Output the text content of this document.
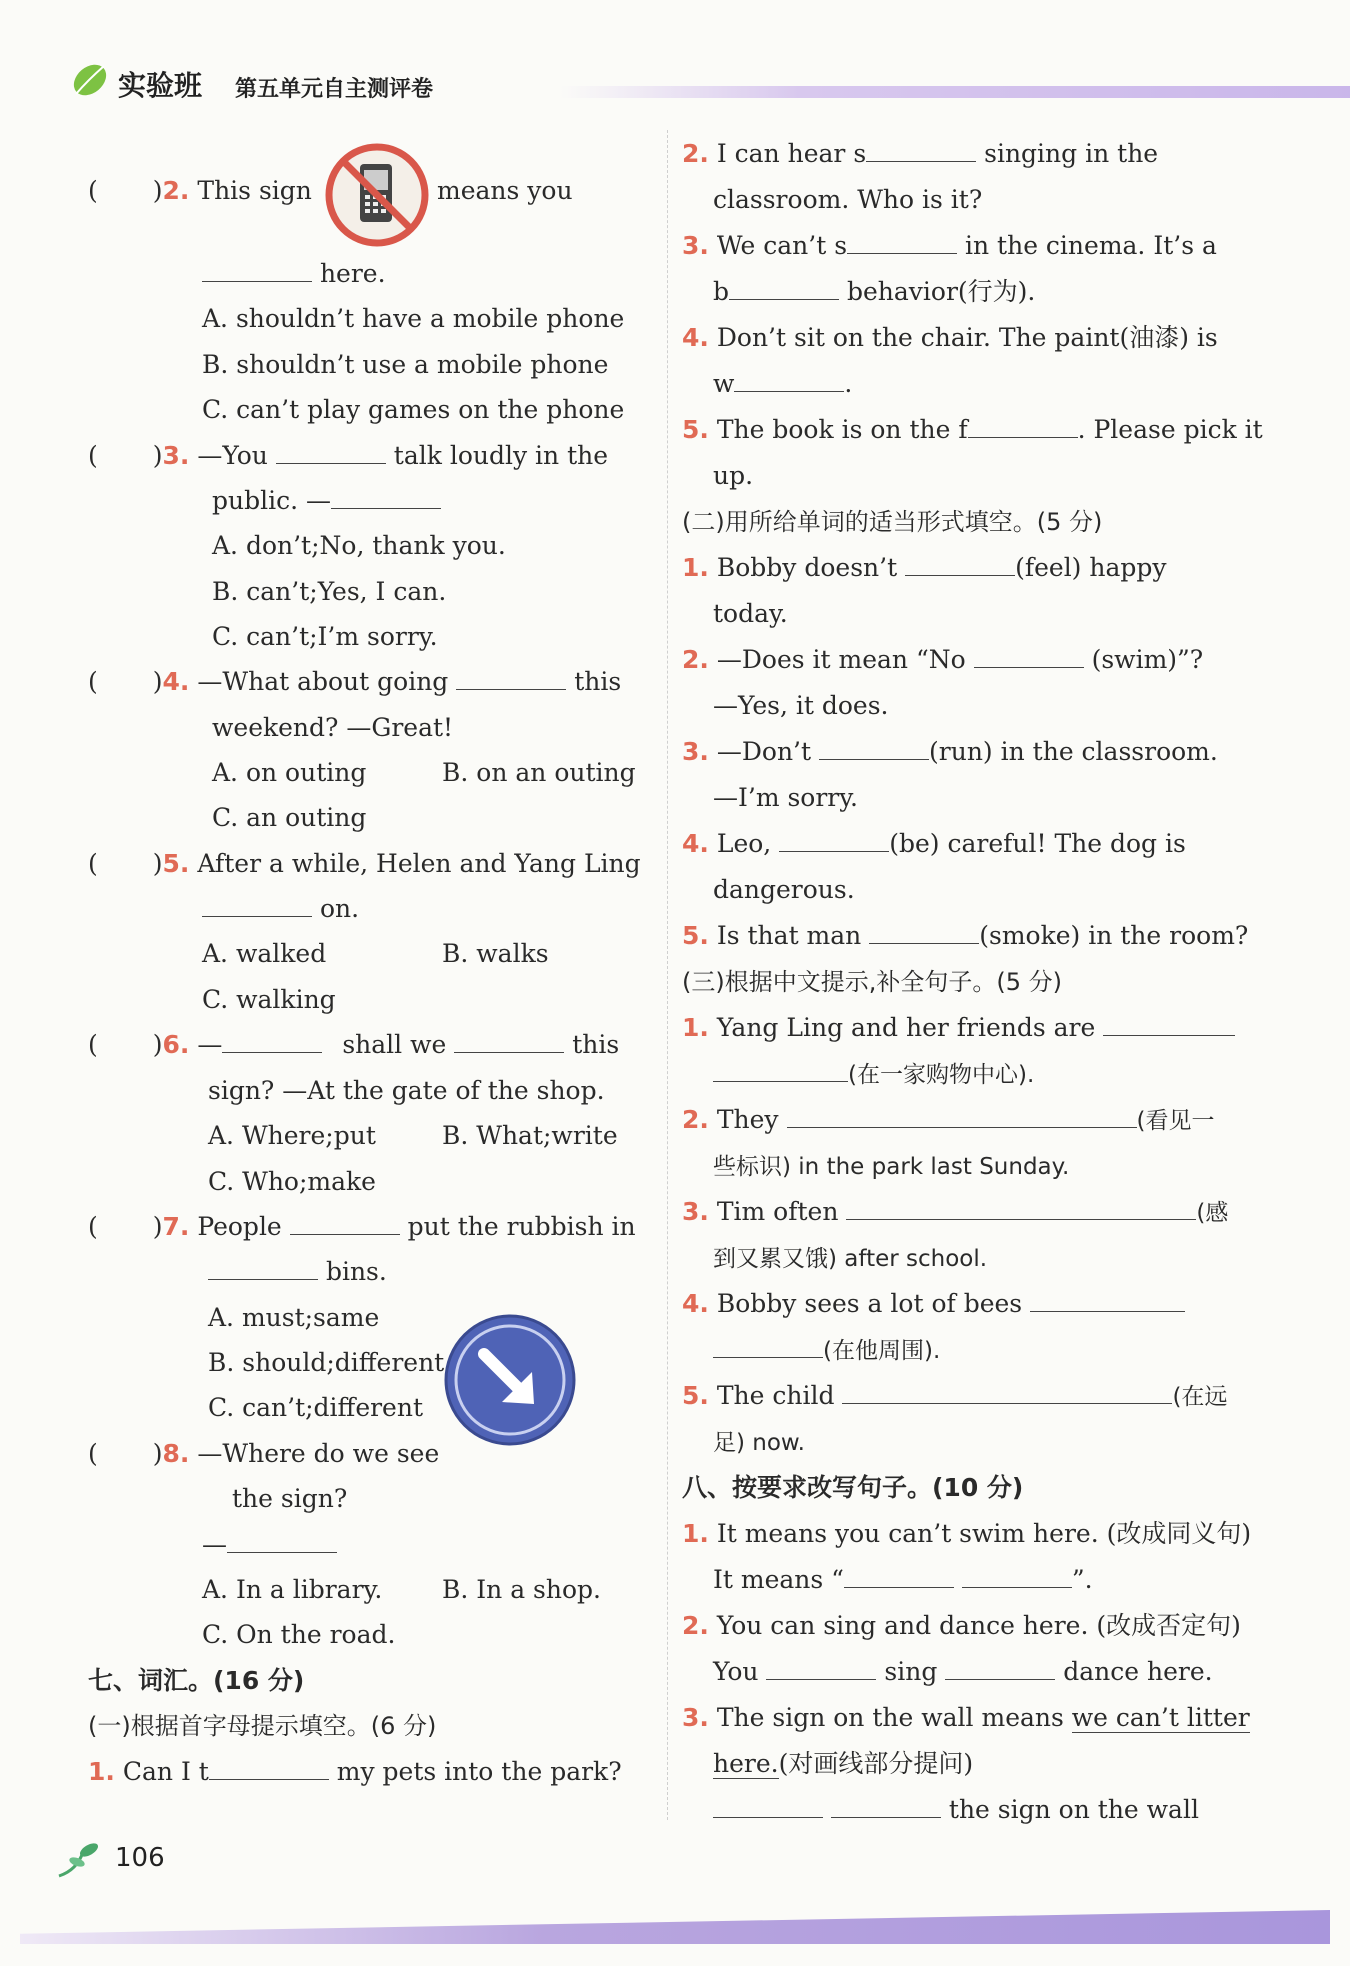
实验班 第五单元自主测评卷
( )2. This sign	means you
here.
A. shouldn’t have a mobile phone
B. shouldn’t use a mobile phone
C. can’t play games on the phone
( )3. —You	talk loudly in the
public. —
A. don’t;No, thank you.
B. can’t;Yes, I can.
C. can’t;I’m sorry.
( )4. —What about going	this
weekend? —Great!
A. on outing	B. on an outing
C. an outing
( )5. After a while, Helen and Yang Ling
on.
A. walked	B. walks
C. walking
( )6. —	shall we	this
sign? —At the gate of the shop.
A. Where;put	B. What;write
C. Who;make
( )7. People	put the rubbish in
bins.
A. must;same
B. should;different
C. can’t;different
( )8. —Where do we see
the sign?
—
A. In a library. B. In a shop.
C. On the road.
七、词汇。(16 分)
(一)根据首字母提示填空。(6 分)
1. Can I t	my pets into the park?
2. I can hear s	singing in the
classroom. Who is it?
3. We can’t s	in the cinema. It’s a
b	behavior(行为).
4. Don’t sit on the chair. The paint(油漆) is
w	.
5. The book is on the f	. Please pick it
up.
(二)用所给单词的适当形式填空。(5 分)
1. Bobby doesn’t	(feel) happy
today.
2. —Does it mean “No	(swim)”?
—Yes, it does.
3. —Don’t	(run) in the classroom.
—I’m sorry.
4. Leo,	(be) careful! The dog is
dangerous.
5. Is that man	(smoke) in the room?
(三)根据中文提示,补全句子。(5 分)
1. Yang Ling and her friends are
(在一家购物中心).
2. They	(看见一
些标识) in the park last Sunday.
3. Tim often	(感
到又累又饿) after school.
4. Bobby sees a lot of bees
(在他周围).
5. The child	(在远
足) now.
八、按要求改写句子。(10 分)
1. It means you can’t swim here. (改成同义句)
It means “	”.
2. You can sing and dance here. (改成否定句)
You	sing	dance here.
3. The sign on the wall means we can’t litter
here.(对画线部分提问)
the sign on the wall
106
